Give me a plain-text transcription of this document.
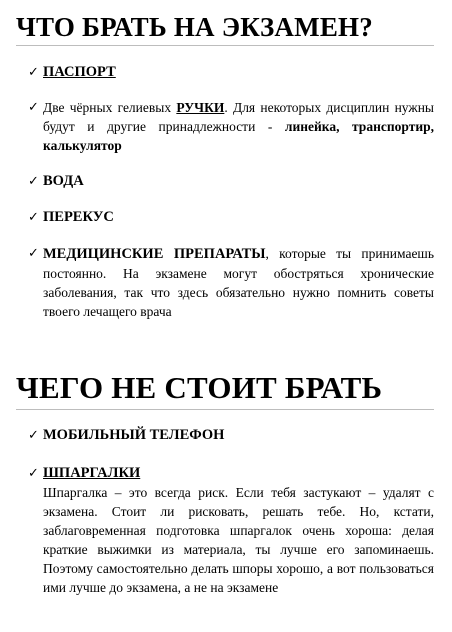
ЧТО БРАТЬ НА ЭКЗАМЕН?
✓ ПАСПОРТ
✓ Две чёрных гелиевых РУЧКИ. Для некоторых дисциплин нужны будут и другие принадлежности - линейка, транспортир, калькулятор
✓ ВОДА
✓ ПЕРЕКУС
✓ МЕДИЦИНСКИЕ ПРЕПАРАТЫ, которые ты принимаешь постоянно. На экзамене могут обостряться хронические заболевания, так что здесь обязательно нужно помнить советы твоего лечащего врача
ЧЕГО НЕ СТОИТ БРАТЬ
✓ МОБИЛЬНЫЙ ТЕЛЕФОН
✓ ШПАРГАЛКИ
Шпаргалка – это всегда риск. Если тебя застукают – удалят с экзамена. Стоит ли рисковать, решать тебе. Но, кстати, заблаговременная подготовка шпаргалок очень хороша: делая краткие выжимки из материала, ты лучше его запоминаешь. Поэтому самостоятельно делать шпоры хорошо, а вот пользоваться ими лучше до экзамена, а не на экзамене
